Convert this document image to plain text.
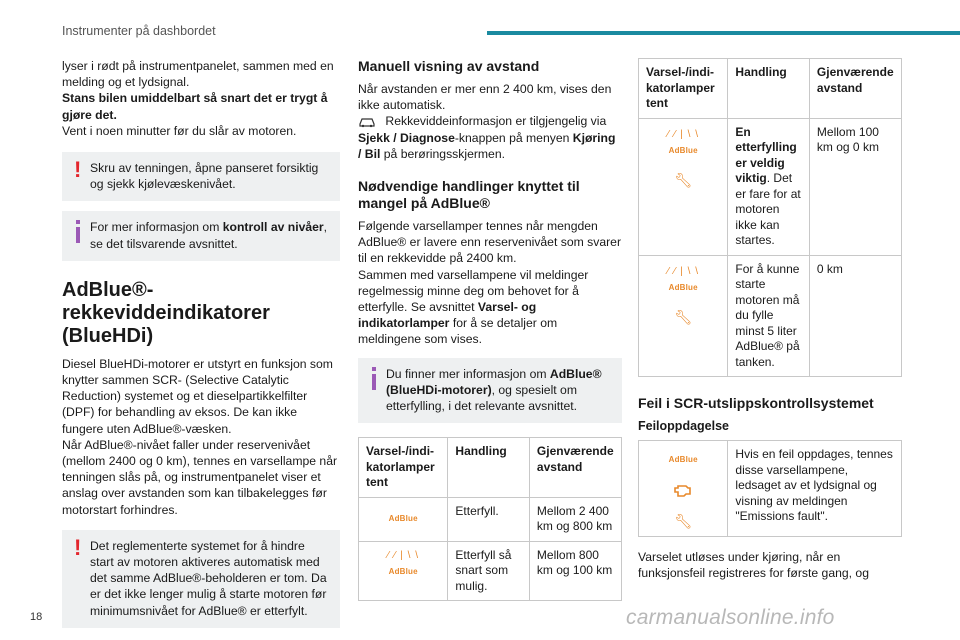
Instrumenter på dashbordet

lyser i rødt på instrumentpanelet, sammen med en melding og et lydsignal.
Stans bilen umiddelbart så snart det er trygt å gjøre det.
Vent i noen minutter før du slår av motoren.

! Skru av tenningen, åpne panseret forsiktig og sjekk kjølevæskenivået.
For mer informasjon om kontroll av nivåer, se det tilsvarende avsnittet.
AdBlue®-rekkeviddeindikatorer (BlueHDi)

Diesel BlueHDi-motorer er utstyrt en funksjon som knytter sammen SCR- (Selective Catalytic Reduction) systemet og et dieselpartikkelfilter (DPF) for behandling av eksos. De kan ikke fungere uten AdBlue®-væsken.

Når AdBlue®-nivået faller under reservenivået (mellom 2400 og 0 km), tennes en varsellampe når tenningen slås på, og instrumentpanelet viser et anslag over avstanden som kan tilbakelegges før motorstart forhindres.

! Det reglementerte systemet for å hindre start av motoren aktiveres automatisk med det samme AdBlue®-beholderen er tom. Da er det ikke lenger mulig å starte motoren før minimumsnivået for AdBlue® er etterfylt.
Manuell visning av avstand

Når avstanden er mer enn 2 400 km, vises den ikke automatisk.

Rekkeviddeinformasjon er tilgjengelig via Sjekk / Diagnose-knappen på menyen Kjøring / Bil på berøringsskjermen.

Nødvendige handlinger knyttet til mangel på AdBlue®

Følgende varsellamper tennes når mengden AdBlue® er lavere enn reservenivået som svarer til en rekkevidde på 2400 km.

Sammen med varsellampene vil meldinger regelmessig minne deg om behovet for å etterfylle. Se avsnittet Varsel- og indikatorlamper for å se detaljer om meldingene som vises.

Du finner mer informasjon om AdBlue® (BlueHDi-motorer), og spesielt om etterfylling, i det relevante avsnittet.
Varsel-/indi-katorlamper tent	Handling	Gjenværende avstand
AdBlue	Etterfyll.	Mellom 2 400 km og 800 km

⁄ ⁄ | \ \
AdBlue	Etterfyll så snart som mulig.	Mellom 800 km og 100 km
Varsel-/indi-katorlamper tent	Handling	Gjenværende avstand

⁄ ⁄ | \ \
AdBlue
🔧︎	En etterfylling er veldig viktig. Det er fare for at motoren ikke kan startes.	Mellom 100 km og 0 km

⁄ ⁄ | \ \
AdBlue
🔧︎	For å kunne starte motoren må du fylle minst 5 liter AdBlue® på tanken.	0 km
Feil i SCR-utslippskontrollsystemet
Feiloppdagelse
AdBlue
🔧︎
	Hvis en feil oppdages, tennes disse varsellampene, ledsaget av et lydsignal og visning av meldingen "Emissions fault".

Varselet utløses under kjøring, når en funksjonsfeil registreres for første gang, og

18	carmanualsonline.info
